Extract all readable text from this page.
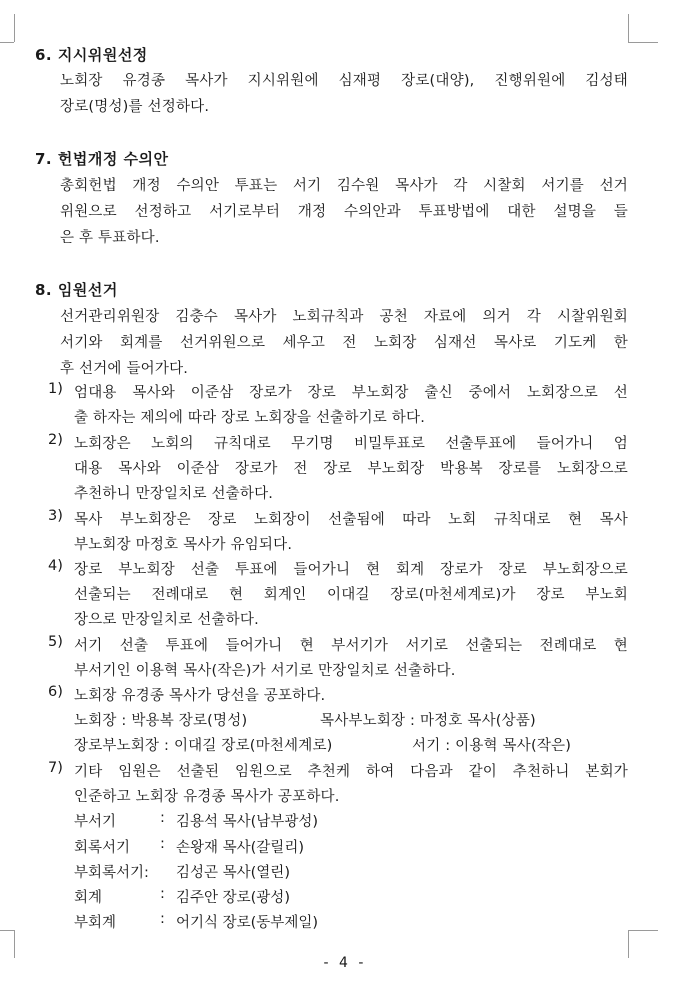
6. 지시위원선정
노회장 유경종 목사가 지시위원에 심재평 장로(대양), 진행위원에 김성태
장로(명성)를 선정하다.
7. 헌법개정 수의안
총회헌법 개정 수의안 투표는 서기 김수원 목사가 각 시찰회 서기를 선거
위원으로 선정하고 서기로부터 개정 수의안과 투표방법에 대한 설명을 들
은 후 투표하다.
8. 임원선거
선거관리위원장 김충수 목사가 노회규칙과 공천 자료에 의거 각 시찰위원회
서기와 회계를 선거위원으로 세우고 전 노회장 심재선 목사로 기도케 한
후 선거에 들어가다.
1) 엄대용 목사와 이준삼 장로가 장로 부노회장 출신 중에서 노회장으로 선
출 하자는 제의에 따라 장로 노회장을 선출하기로 하다.
2) 노회장은 노회의 규칙대로 무기명 비밀투표로 선출투표에 들어가니 엄
대용 목사와 이준삼 장로가 전 장로 부노회장 박용복 장로를 노회장으로
추천하니 만장일치로 선출하다.
3) 목사 부노회장은 장로 노회장이 선출됨에 따라 노회 규칙대로 현 목사
부노회장 마정호 목사가 유임되다.
4) 장로 부노회장 선출 투표에 들어가니 현 회계 장로가 장로 부노회장으로
선출되는 전례대로 현 회계인 이대길 장로(마천세계로)가 장로 부노회
장으로 만장일치로 선출하다.
5) 서기 선출 투표에 들어가니 현 부서기가 서기로 선출되는 전례대로 현
부서기인 이용혁 목사(작은)가 서기로 만장일치로 선출하다.
6) 노회장 유경종 목사가 당선을 공포하다.
노회장 : 박용복 장로(명성)	목사부노회장 : 마정호 목사(상품)
장로부노회장 : 이대길 장로(마천세계로)	서기 : 이용혁 목사(작은)
7) 기타 임원은 선출된 임원으로 추천케 하여 다음과 같이 추천하니 본회가
인준하고 노회장 유경종 목사가 공포하다.
부서기	: 김용석 목사(남부광성)
회록서기 : 손왕재 목사(갈릴리)
부회록서기: 김성곤 목사(열린)
회계	: 김주안 장로(광성)
부회계	: 어기식 장로(동부제일)
- 4 -
